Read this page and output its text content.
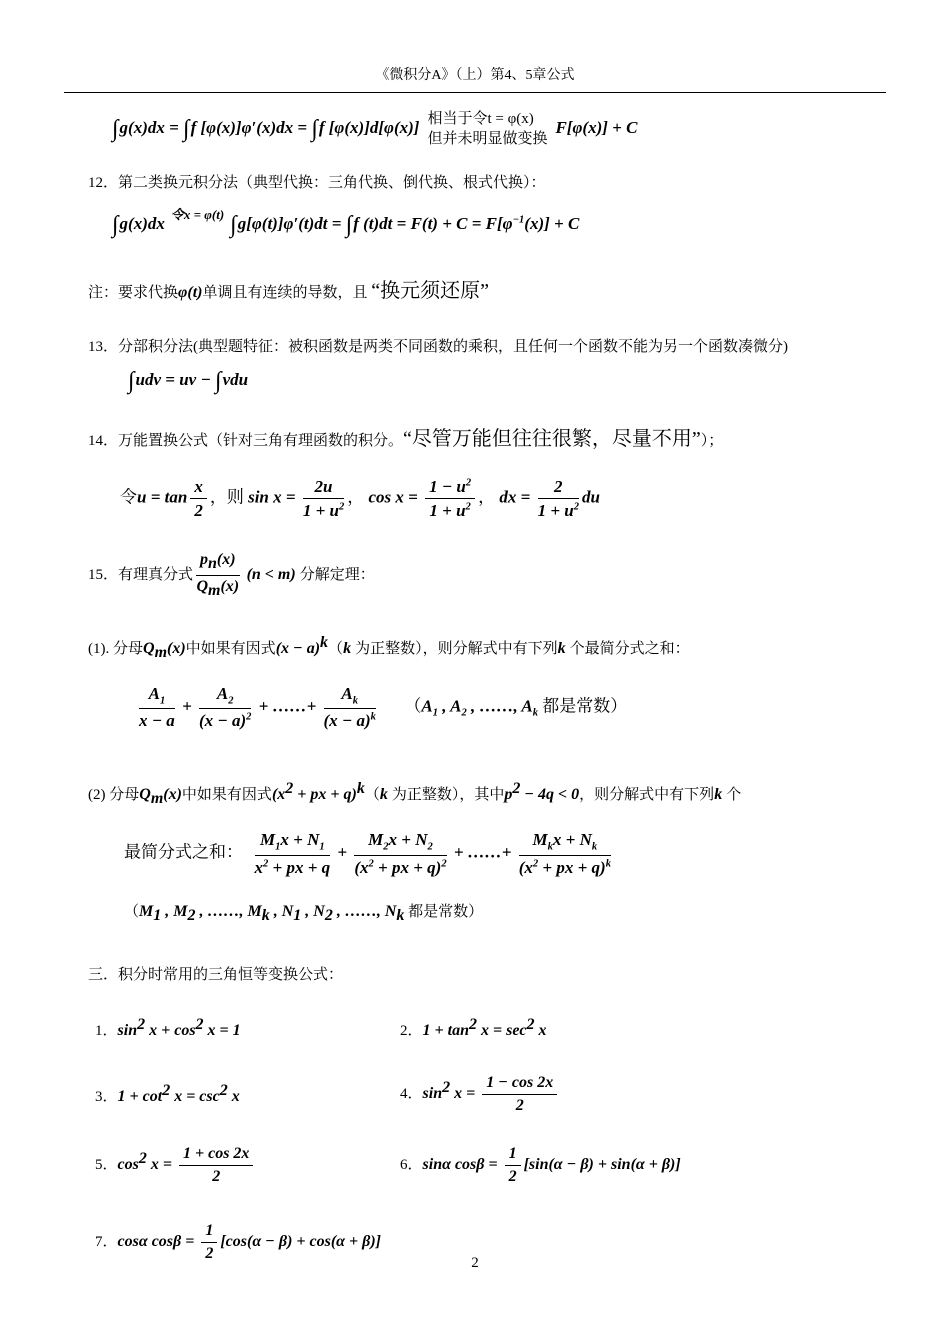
《微积分A》（上）第4、5章公式
∫g(x)dx = ∫f [φ(x)]φ′(x)dx = ∫f [φ(x)]d[φ(x)] 相当于令t = φ(x)
但并未明显做变换
F[φ(x)] + C
12．第二类换元积分法（典型代换：三角代换、倒代换、根式代换）：
∫g(x)dx $^{令x = \varphi(t)}$ ∫g[φ(t)]φ′(t)dt = ∫f $(t)dt = F(t) + C = F[\varphi^{-1}(x)] + C$
注：要求代换φ(t)单调且有连续的导数，且 “换元须还原”
13．分部积分法(典型题特征：被积函数是两类不同函数的乘积，且任何一个函数不能为另一个函数凑微分)
∫udv = uv − ∫vdu
14．万能置换公式（针对三角有理函数的积分。“尽管万能但往往很繁，尽量不用”）；
令$u = \tan \frac{x}{2}$ ，则 $\sin x = \frac{2u}{1 + u^2}$ ， $\cos x = \frac{1 - u^2}{1 + u^2}$ ， dx = $\frac{2}{1 + u^2}$ du
15．有理真分式 $\frac{p_n(x)}{Q_m(x)} (n < m)$ 分解定理：
(1). 分母$Q_m(x)$中如果有因式$(x - a)^k(k$ 为正整数），则分解式中有下列k 个最简分式之和：
$\frac{A_1}{x - a} + \frac{A_2}{(x - a)^2}$ + ……+ $\frac{A_k}{(x - a)^k}$ 　　（$A_1$ , $A_2$ , ……, $A_k$ 都是常数）
(2) 分母$Q_m(x)$中如果有因式($x^2$ + px + q)$^k$（k 为正整数），其中$p^2 - 4q < 0$，则分解式中有下列k 个
最简分式之和：　 $\frac{M_1x + N_1}{x^2 + px + q} + \frac{M_2x + N_2}{(x^2 + px + q)^2}$ + ……+ $\frac{M_kx + N_k}{(x^2 + px + q)^k}$
（$M_1$ , $M_2$ , ……, $M_k$ , $N_1$ , $N_2$ , ……, $N_k$ 都是常数）
三．积分时常用的三角恒等变换公式：
1．$\sin^2 x + \cos^2 x = 1$	2．$1 + \tan^2 x = \sec^2 x$
3．$1 + \cot^2 x = \csc^2 x$	4．$\sin^2 x = \frac{1 - \cos 2x}{2}$
5．$\cos^2 x = \frac{1 + \cos 2x}{2}$	6．sinα $\cos\beta = \frac{1}{2} [\sin(\alpha - \beta) + \sin(\alpha + \beta)]$
7．cosα $\cos\beta = \frac{1}{2} [\cos(\alpha - \beta) + \cos(\alpha + \beta)]$
2
